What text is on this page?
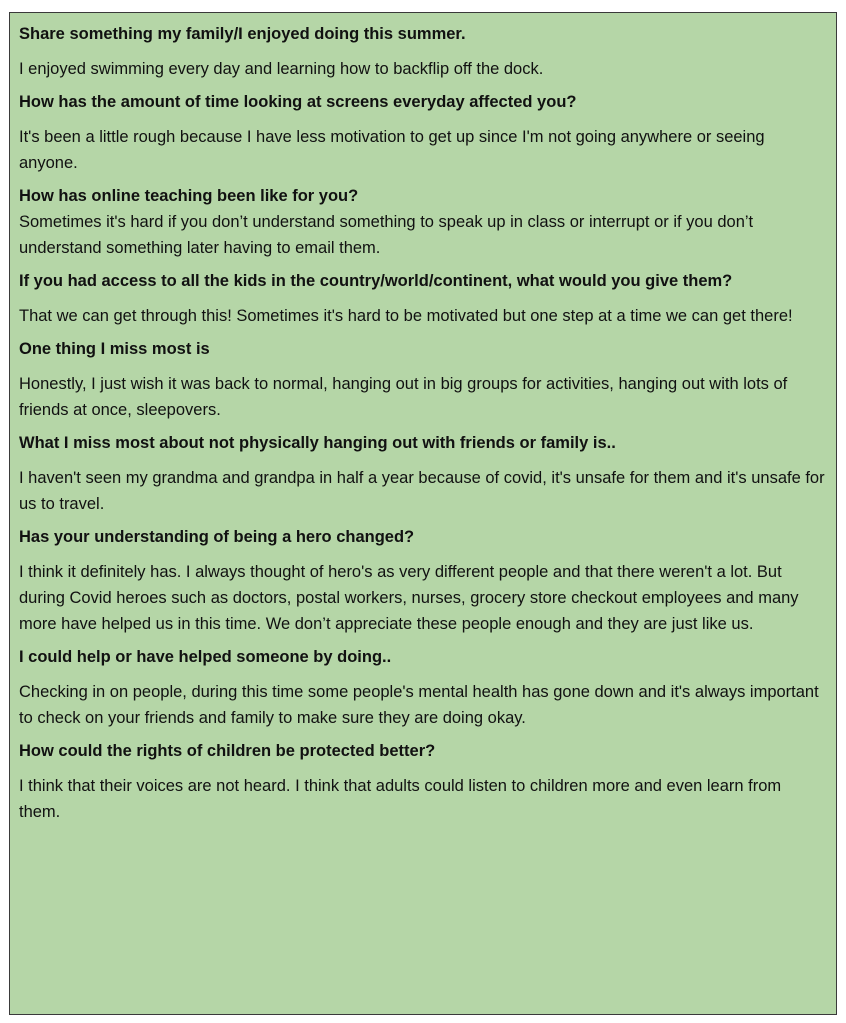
Share something my family/I enjoyed doing this summer.

I enjoyed swimming every day and learning how to backflip off the dock.

How has the amount of time looking at screens everyday affected you?

It's been a little rough because I have less motivation to get up since I'm not going anywhere or seeing anyone.

How has online teaching been like for you?

Sometimes it's hard if you don’t understand something to speak up in class or interrupt or if you don’t understand something later having to email them.

If you had access to all the kids in the country/world/continent, what would you give them?

That we can get through this! Sometimes it's hard to be motivated but one step at a time we can get there!

One thing I miss most is

Honestly, I just wish it was back to normal, hanging out in big groups for activities, hanging out with lots of friends at once, sleepovers.

What I miss most about not physically hanging out with friends or family is..

I haven't seen my grandma and grandpa in half a year because of covid, it's unsafe for them and it's unsafe for us to travel.

Has your understanding of being a hero changed?

I think it definitely has. I always thought of hero's as very different people and that there weren't a lot. But during Covid heroes such as doctors, postal workers, nurses, grocery store checkout employees and many more have helped us in this time. We don’t appreciate these people enough and they are just like us.

I could help or have helped someone by doing..

Checking in on people, during this time some people's mental health has gone down and it's always important to check on your friends and family to make sure they are doing okay.

How could the rights of children be protected better?

I think that their voices are not heard. I think that adults could listen to children more and even learn from them.
